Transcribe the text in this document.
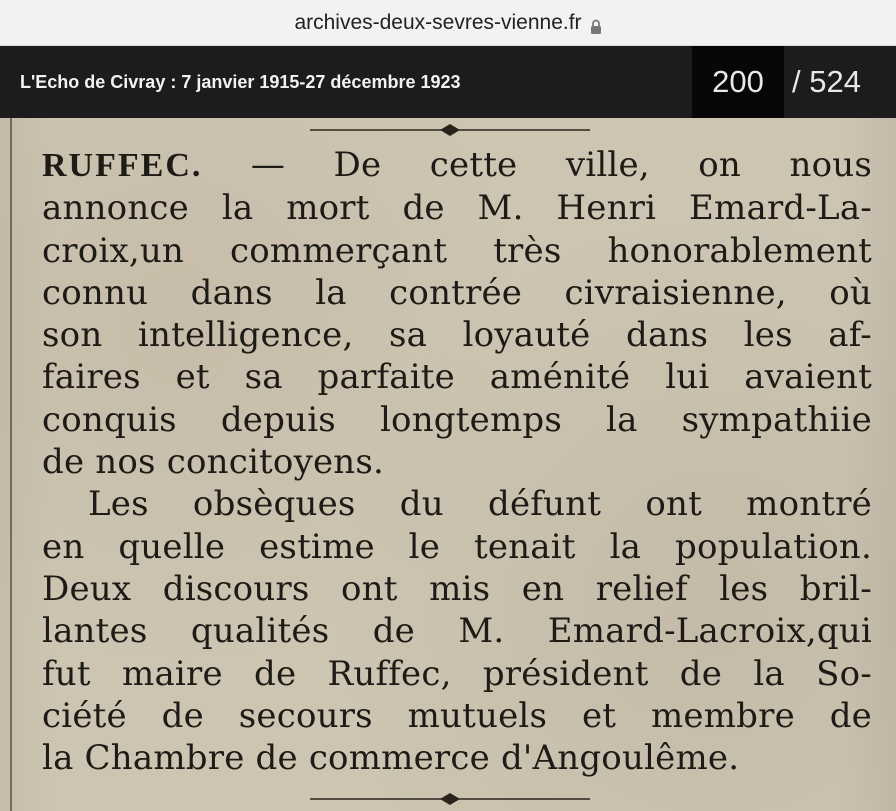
archives-deux-sevres-vienne.fr
L'Echo de Civray : 7 janvier 1915-27 décembre 1923	200 / 524
RUFFEC. — De cette ville, on nous
annonce la mort de M. Henri Emard-La-
croix,un commerçant très honorablement
connu dans la contrée civraisienne, où
son intelligence, sa loyauté dans les af-
faires et sa parfaite aménité lui avaient
conquis depuis longtemps la sympathiie
de nos concitoyens.
Les obsèques du défunt ont montré
en quelle estime le tenait la population.
Deux discours ont mis en relief les bril-
lantes qualités de M. Emard-Lacroix,qui
fut maire de Ruffec, président de la So-
ciété de secours mutuels et membre de
la Chambre de commerce d'Angoulême.
